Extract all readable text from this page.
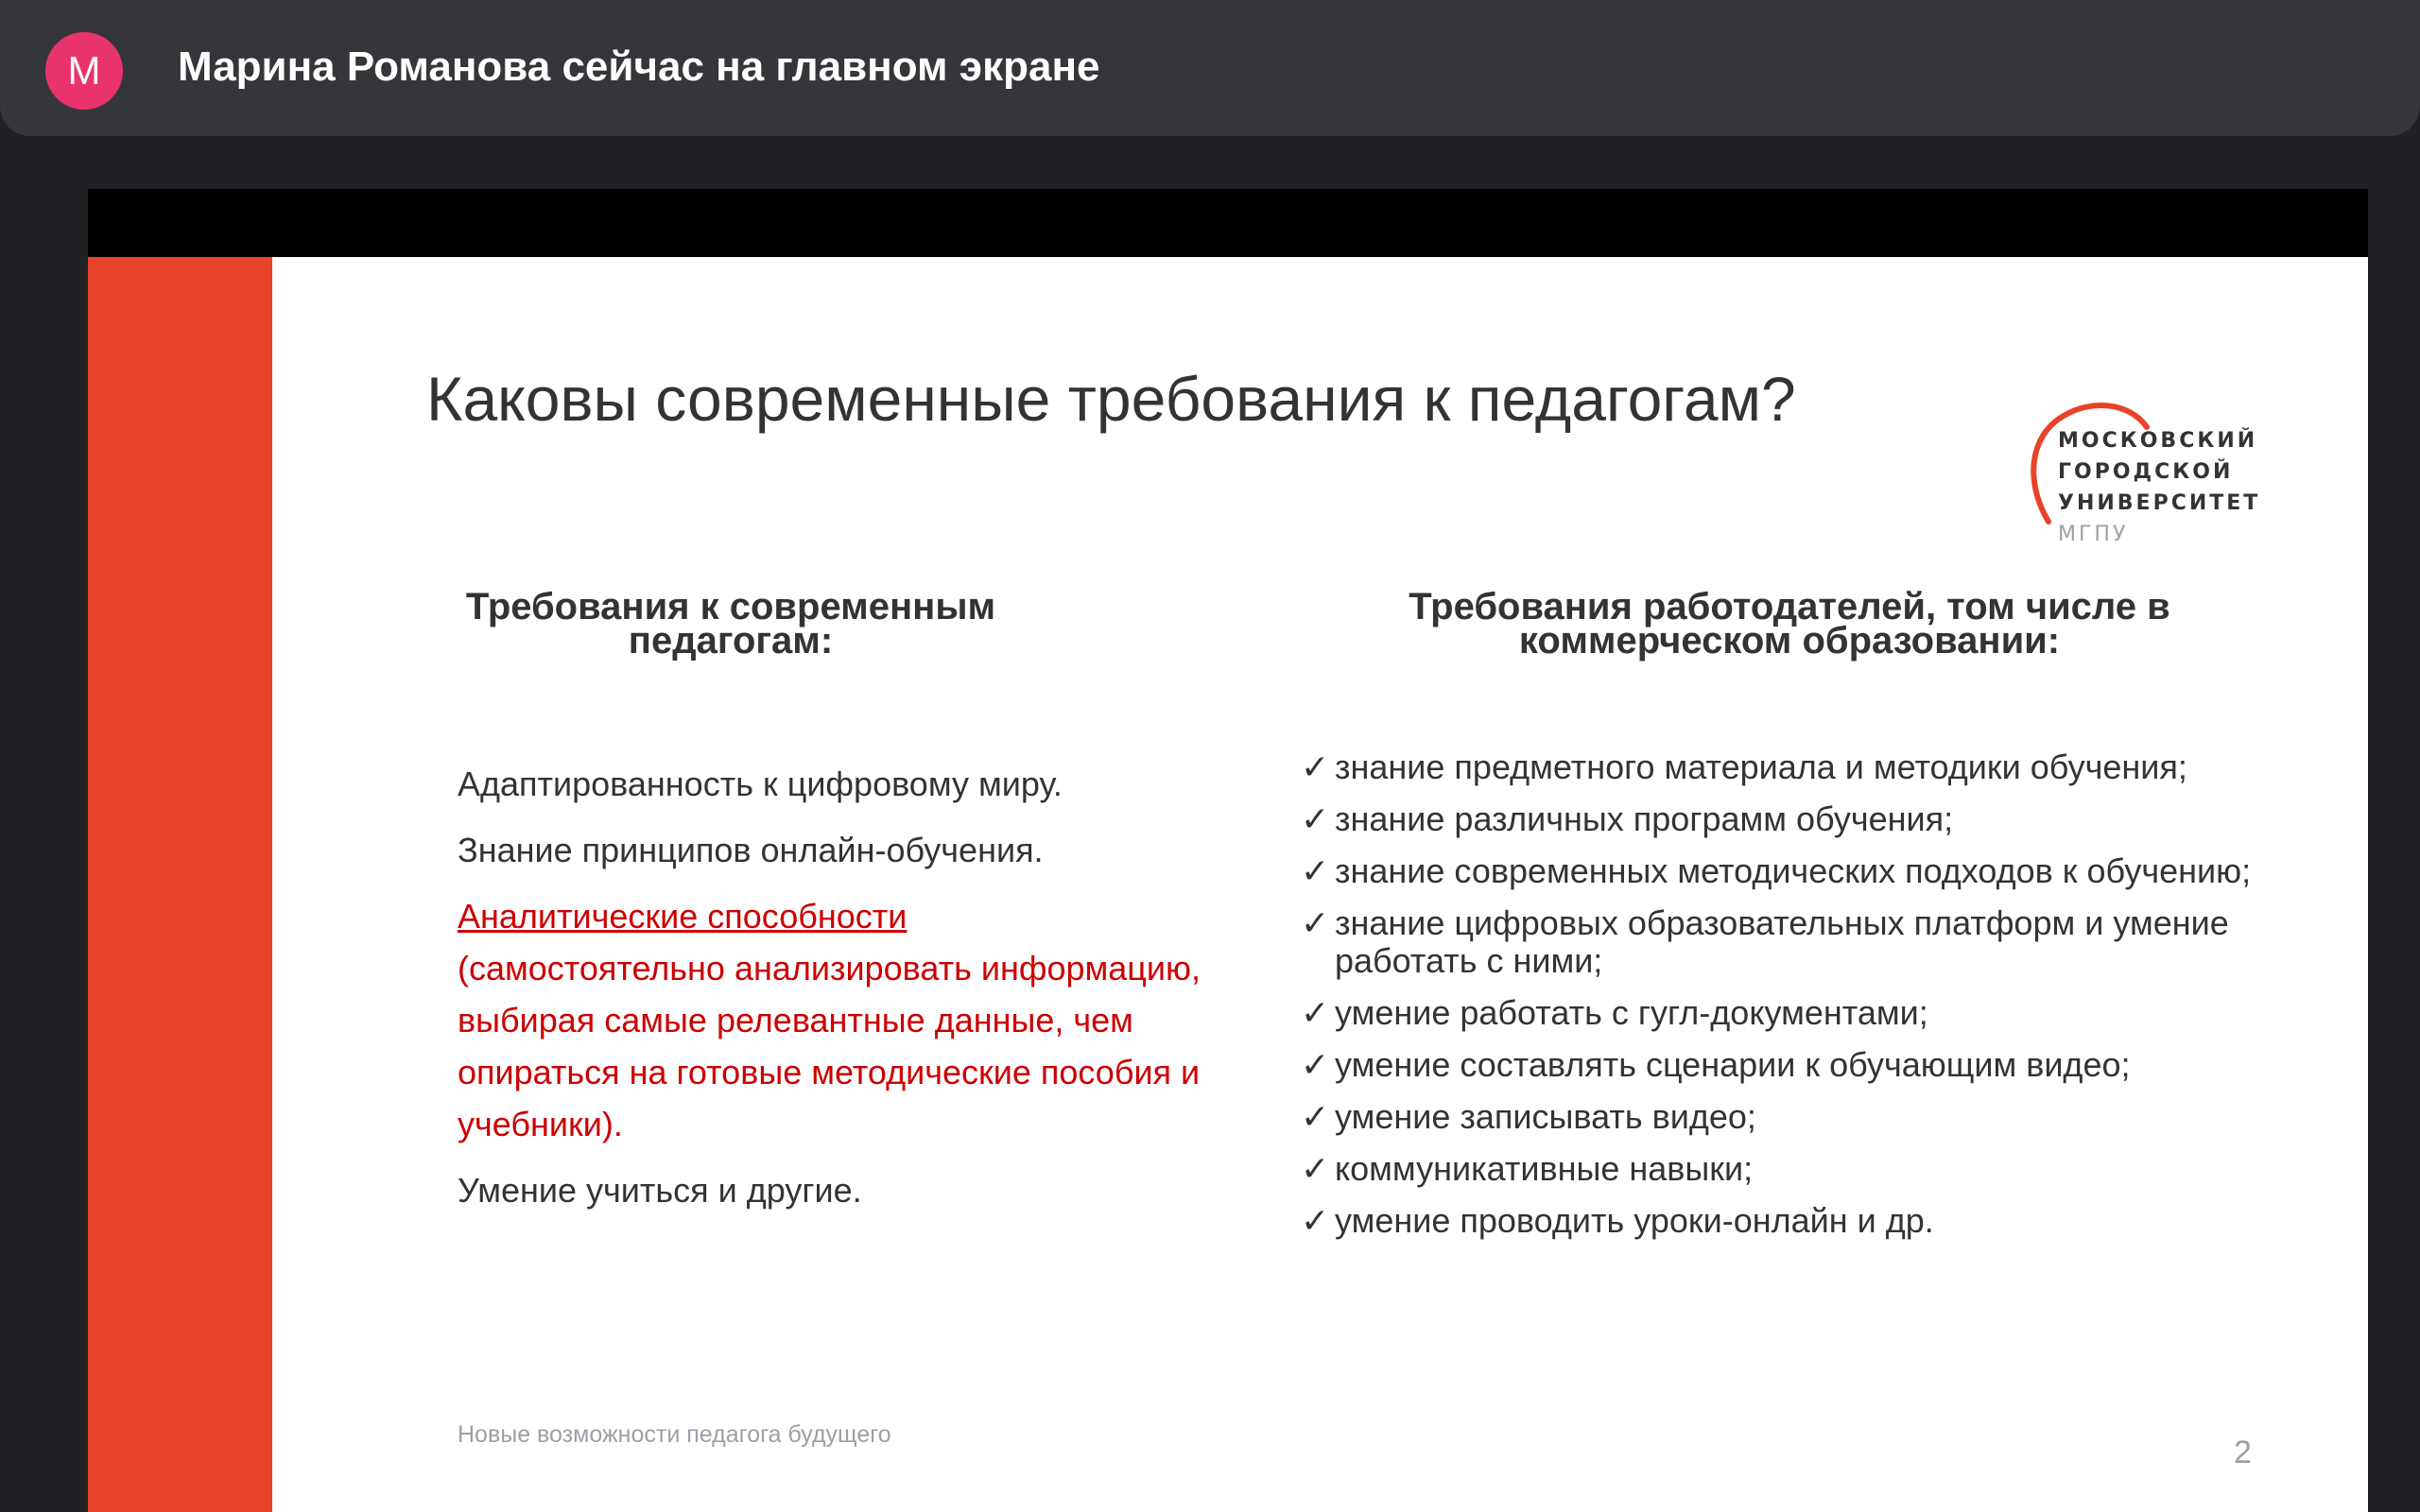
М	Марина Романова сейчас на главном экране
Каковы современные требования к педагогам?
МОСКОВСКИЙ
ГОРОДСКОЙ
УНИВЕРСИТЕТ
МГПУ
Требования к современным педагогам:
Требования работодателей, том числе в коммерческом образовании:
Адаптированность к цифровому миру.
Знание принципов онлайн-обучения.
Аналитические способности
(самостоятельно анализировать информацию, выбирая самые релевантные данные, чем опираться на готовые методические пособия и учебники).
Умение учиться и другие.
✓ знание предметного материала и методики обучения;
✓ знание различных программ обучения;
✓ знание современных методических подходов к обучению;
✓ знание цифровых образовательных платформ и умение работать с ними;
✓ умение работать с гугл-документами;
✓ умение составлять сценарии к обучающим видео;
✓ умение записывать видео;
✓ коммуникативные навыки;
✓ умение проводить уроки-онлайн и др.
Новые возможности педагога будущего	2
